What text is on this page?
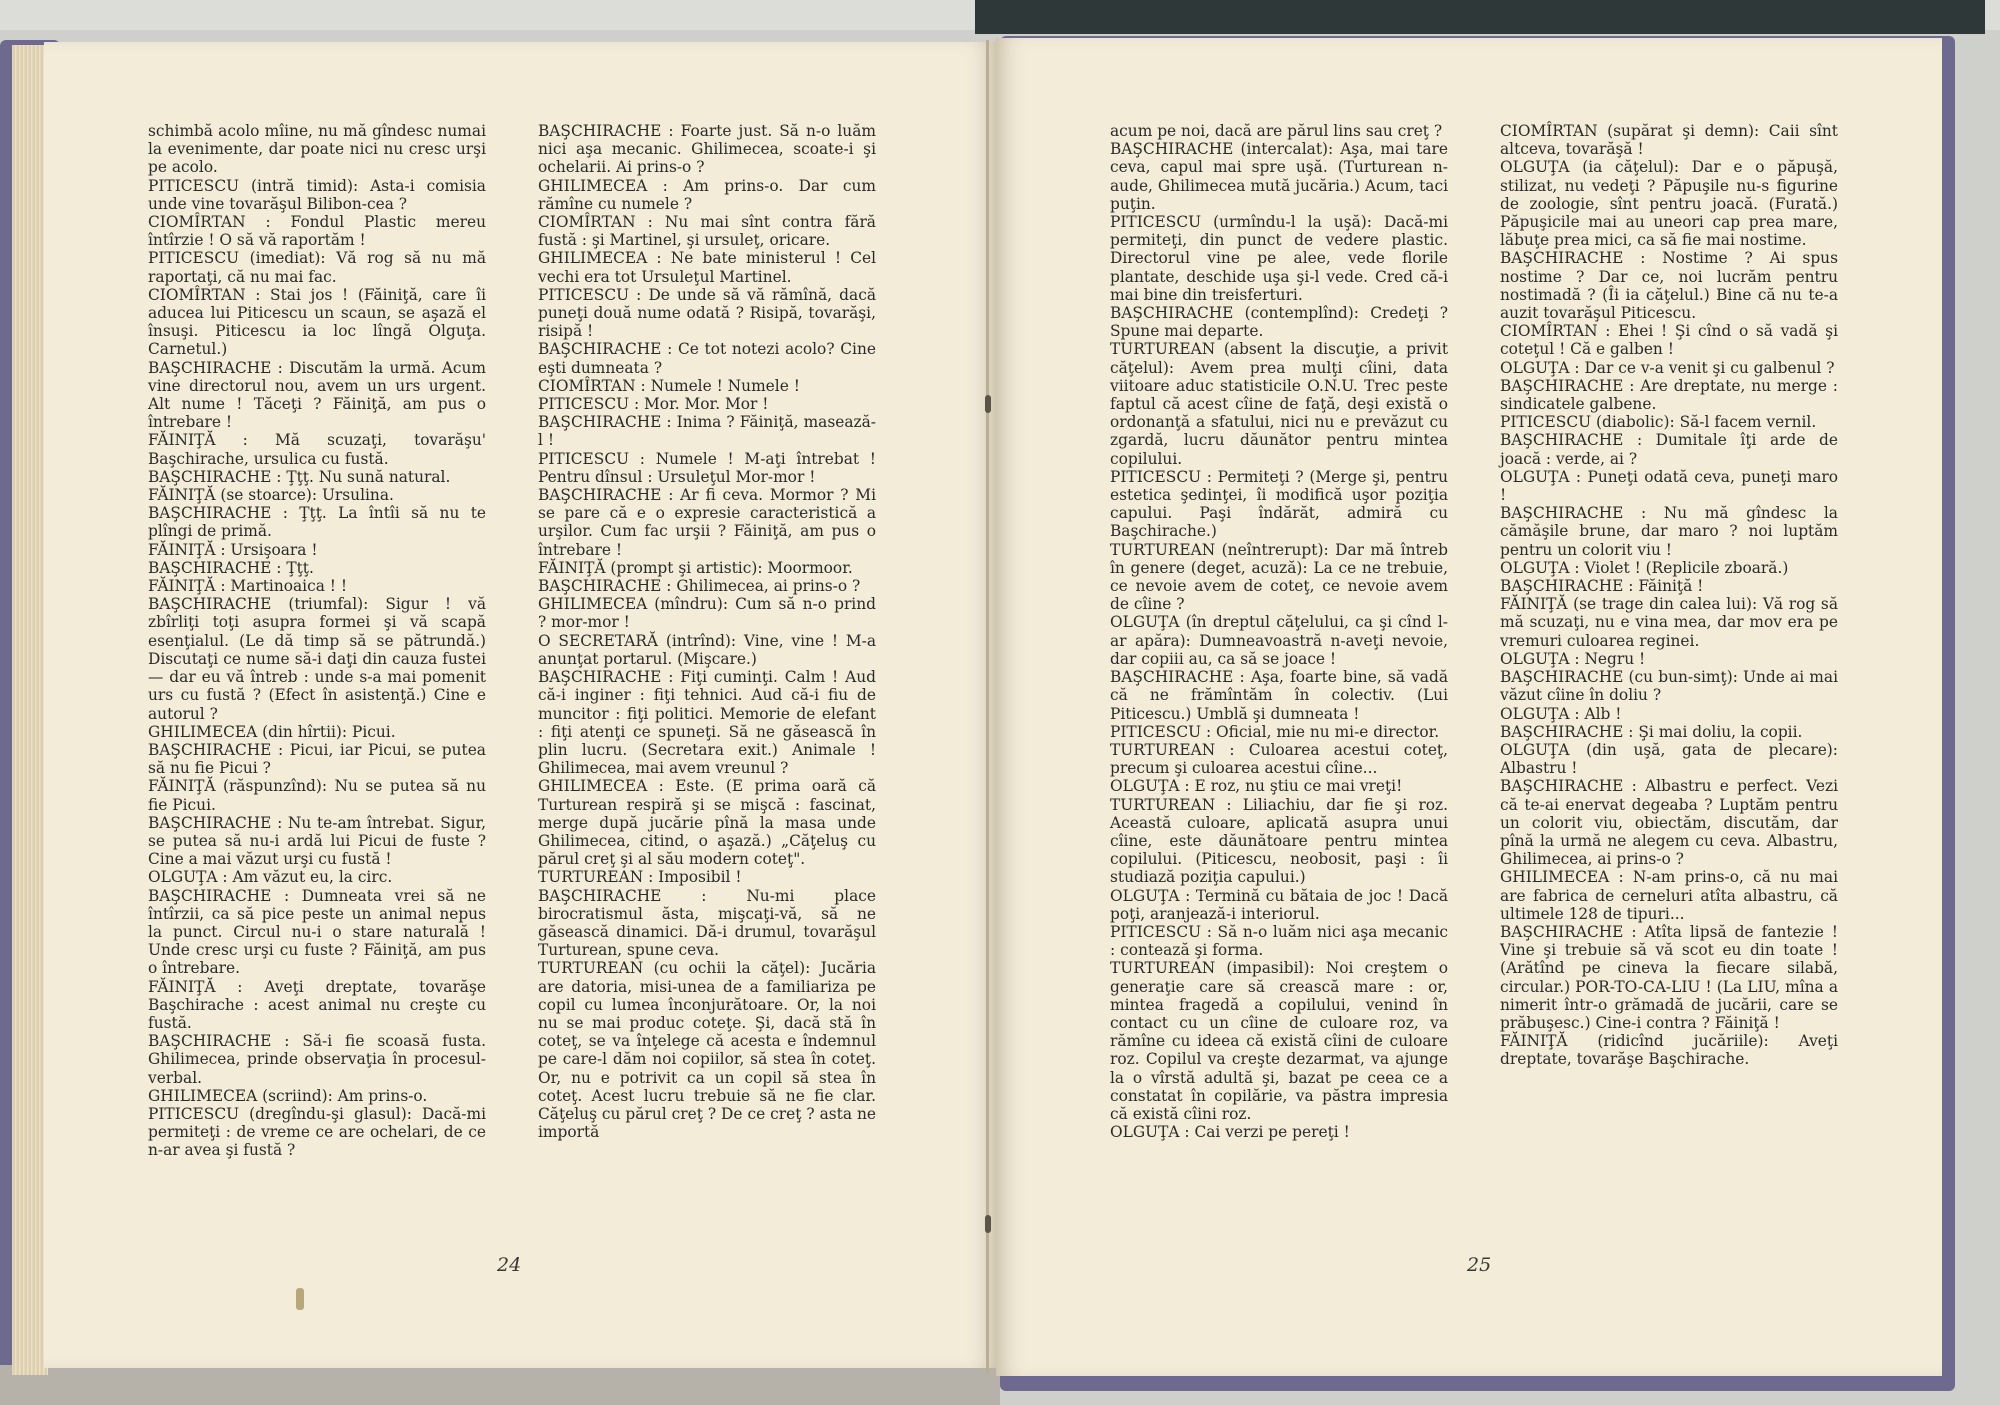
schimbă acolo mîine, nu mă gîndesc numai la evenimente, dar poate nici nu cresc urşi pe acolo.

PITICESCU (intră timid): Asta-i comisia unde vine tovarăşul Bilibon-cea ?

CIOMÎRTAN : Fondul Plastic mereu întîrzie ! O să vă raportăm !

PITICESCU (imediat): Vă rog să nu mă raportaţi, că nu mai fac.

CIOMÎRTAN : Stai jos ! (Făiniţă, care îi aducea lui Piticescu un scaun, se aşază el însuşi. Piticescu ia loc lîngă Olguţa. Carnetul.)

BAŞCHIRACHE : Discutăm la urmă. Acum vine directorul nou, avem un urs urgent. Alt nume ! Tăceţi ? Făiniţă, am pus o întrebare !

FĂINIŢĂ : Mă scuzaţi, tovarăşu' Başchirache, ursulica cu fustă.

BAŞCHIRACHE : Ţţţ. Nu sună natural.

FĂINIŢĂ (se stoarce): Ursulina.

BAŞCHIRACHE : Ţţţ. La întîi să nu te plîngi de primă.

FĂINIŢĂ : Ursişoara !

BAŞCHIRACHE : Ţţţ.

FĂINIŢĂ : Martinoaica ! !

BAŞCHIRACHE (triumfal): Sigur ! vă zbîrliţi toţi asupra formei şi vă scapă esenţialul. (Le dă timp să se pătrundă.) Discutaţi ce nume să-i daţi din cauza fustei — dar eu vă întreb : unde s-a mai pomenit urs cu fustă ? (Efect în asistenţă.) Cine e autorul ?

GHILIMECEA (din hîrtii): Picui.

BAŞCHIRACHE : Picui, iar Picui, se putea să nu fie Picui ?

FĂINIŢĂ (răspunzînd): Nu se putea să nu fie Picui.

BAŞCHIRACHE : Nu te-am întrebat. Sigur, se putea să nu-i ardă lui Picui de fuste ? Cine a mai văzut urşi cu fustă !

OLGUŢA : Am văzut eu, la circ.

BAŞCHIRACHE : Dumneata vrei să ne întîrzii, ca să pice peste un animal nepus la punct. Circul nu-i o stare naturală ! Unde cresc urşi cu fuste ? Făiniţă, am pus o întrebare.

FĂINIŢĂ : Aveţi dreptate, tovarăşe Başchirache : acest animal nu creşte cu fustă.

BAŞCHIRACHE : Să-i fie scoasă fusta. Ghilimecea, prinde observaţia în procesul-verbal.

GHILIMECEA (scriind): Am prins-o.

PITICESCU (dregîndu-şi glasul): Dacă-mi permiteţi : de vreme ce are ochelari, de ce n-ar avea şi fustă ?

BAŞCHIRACHE : Foarte just. Să n-o luăm nici aşa mecanic. Ghilimecea, scoate-i şi ochelarii. Ai prins-o ?

GHILIMECEA : Am prins-o. Dar cum rămîne cu numele ?

CIOMÎRTAN : Nu mai sînt contra fără fustă : şi Martinel, şi ursuleţ, oricare.

GHILIMECEA : Ne bate ministerul ! Cel vechi era tot Ursuleţul Martinel.

PITICESCU : De unde să vă rămînă, dacă puneţi două nume odată ? Risipă, tovarăşi, risipă !

BAŞCHIRACHE : Ce tot notezi acolo? Cine eşti dumneata ?

CIOMÎRTAN : Numele ! Numele !

PITICESCU : Mor. Mor. Mor !

BAŞCHIRACHE : Inima ? Făiniţă, masează-l !

PITICESCU : Numele ! M-aţi întrebat ! Pentru dînsul : Ursuleţul Mor-mor !

BAŞCHIRACHE : Ar fi ceva. Mormor ? Mi se pare că e o expresie caracteristică a urşilor. Cum fac urşii ? Făiniţă, am pus o întrebare !

FĂINIŢĂ (prompt şi artistic): Moormoor.

BAŞCHIRACHE : Ghilimecea, ai prins-o ?

GHILIMECEA (mîndru): Cum să n-o prind ? mor-mor !

O SECRETARĂ (intrînd): Vine, vine ! M-a anunţat portarul. (Mişcare.)

BAŞCHIRACHE : Fiţi cuminţi. Calm ! Aud că-i inginer : fiţi tehnici. Aud că-i fiu de muncitor : fiţi politici. Memorie de elefant : fiţi atenţi ce spuneţi. Să ne găsească în plin lucru. (Secretara exit.) Animale ! Ghilimecea, mai avem vreunul ?

GHILIMECEA : Este. (E prima oară că Turturean respiră şi se mişcă : fascinat, merge după jucărie pînă la masa unde Ghilimecea, citind, o aşază.) „Căţeluş cu părul creţ şi al său modern coteţ".

TURTUREAN : Imposibil !

BAŞCHIRACHE : Nu-mi place birocratismul ăsta, mişcaţi-vă, să ne găsească dinamici. Dă-i drumul, tovarăşul Turturean, spune ceva.

TURTUREAN (cu ochii la căţel): Jucăria are datoria, misi-unea de a familiariza pe copil cu lumea înconjurătoare. Or, la noi nu se mai produc coteţe. Şi, dacă stă în coteţ, se va înţelege că acesta e îndemnul pe care-l dăm noi copiilor, să stea în coteţ. Or, nu e potrivit ca un copil să stea în coteţ. Acest lucru trebuie să ne fie clar. Căţeluş cu părul creţ ? De ce creţ ? asta ne importă

acum pe noi, dacă are părul lins sau creţ ?

BAŞCHIRACHE (intercalat): Aşa, mai tare ceva, capul mai spre uşă. (Turturean n-aude, Ghilimecea mută jucăria.) Acum, taci puţin.

PITICESCU (urmîndu-l la uşă): Dacă-mi permiteţi, din punct de vedere plastic. Directorul vine pe alee, vede florile plantate, deschide uşa şi-l vede. Cred că-i mai bine din treisferturi.

BAŞCHIRACHE (contemplînd): Credeţi ? Spune mai departe.

TURTUREAN (absent la discuţie, a privit căţelul): Avem prea mulţi cîini, data viitoare aduc statisticile O.N.U. Trec peste faptul că acest cîine de faţă, deşi există o ordonanţă a sfatului, nici nu e prevăzut cu zgardă, lucru dăunător pentru mintea copilului.

PITICESCU : Permiteţi ? (Merge şi, pentru estetica şedinţei, îi modifică uşor poziţia capului. Paşi îndărăt, admiră cu Başchirache.)

TURTUREAN (neîntrerupt): Dar mă întreb în genere (deget, acuză): La ce ne trebuie, ce nevoie avem de coteţ, ce nevoie avem de cîine ?

OLGUŢA (în dreptul căţelului, ca şi cînd l-ar apăra): Dumneavoastră n-aveţi nevoie, dar copiii au, ca să se joace !

BAŞCHIRACHE : Aşa, foarte bine, să vadă că ne frămîntăm în colectiv. (Lui Piticescu.) Umblă şi dumneata !

PITICESCU : Oficial, mie nu mi-e director.

TURTUREAN : Culoarea acestui coteţ, precum şi culoarea acestui cîine...

OLGUŢA : E roz, nu ştiu ce mai vreţi!

TURTUREAN : Liliachiu, dar fie şi roz. Această culoare, aplicată asupra unui cîine, este dăunătoare pentru mintea copilului. (Piticescu, neobosit, paşi : îi studiază poziţia capului.)

OLGUŢA : Termină cu bătaia de joc ! Dacă poţi, aranjează-i interiorul.

PITICESCU : Să n-o luăm nici aşa mecanic : contează şi forma.

TURTUREAN (impasibil): Noi creştem o generaţie care să crească mare : or, mintea fragedă a copilului, venind în contact cu un cîine de culoare roz, va rămîne cu ideea că există cîini de culoare roz. Copilul va creşte dezarmat, va ajunge la o vîrstă adultă şi, bazat pe ceea ce a constatat în copilărie, va păstra impresia că există cîini roz.

OLGUŢA : Cai verzi pe pereţi !

CIOMÎRTAN (supărat şi demn): Caii sînt altceva, tovarăşă !

OLGUŢA (ia căţelul): Dar e o păpuşă, stilizat, nu vedeţi ? Păpuşile nu-s figurine de zoologie, sînt pentru joacă. (Furată.) Păpuşicile mai au uneori cap prea mare, lăbuţe prea mici, ca să fie mai nostime.

BAŞCHIRACHE : Nostime ? Ai spus nostime ? Dar ce, noi lucrăm pentru nostimadă ? (Îi ia căţelul.) Bine că nu te-a auzit tovarăşul Piticescu.

CIOMÎRTAN : Ehei ! Şi cînd o să vadă şi coteţul ! Că e galben !

OLGUŢA : Dar ce v-a venit şi cu galbenul ?

BAŞCHIRACHE : Are dreptate, nu merge : sindicatele galbene.

PITICESCU (diabolic): Să-l facem vernil.

BAŞCHIRACHE : Dumitale îţi arde de joacă : verde, ai ?

OLGUŢA : Puneţi odată ceva, puneţi maro !

BAŞCHIRACHE : Nu mă gîndesc la cămăşile brune, dar maro ? noi luptăm pentru un colorit viu !

OLGUŢA : Violet ! (Replicile zboară.)

BAŞCHIRACHE : Făiniţă !

FĂINIŢĂ (se trage din calea lui): Vă rog să mă scuzaţi, nu e vina mea, dar mov era pe vremuri culoarea reginei.

OLGUŢA : Negru !

BAŞCHIRACHE (cu bun-simţ): Unde ai mai văzut cîine în doliu ?

OLGUŢA : Alb !

BAŞCHIRACHE : Şi mai doliu, la copii.

OLGUŢA (din uşă, gata de plecare): Albastru !

BAŞCHIRACHE : Albastru e perfect. Vezi că te-ai enervat degeaba ? Luptăm pentru un colorit viu, obiectăm, discutăm, dar pînă la urmă ne alegem cu ceva. Albastru, Ghilimecea, ai prins-o ?

GHILIMECEA : N-am prins-o, că nu mai are fabrica de cerneluri atîta albastru, că ultimele 128 de tipuri...

BAŞCHIRACHE : Atîta lipsă de fantezie ! Vine şi trebuie să vă scot eu din toate ! (Arătînd pe cineva la fiecare silabă, circular.) POR-TO-CA-LIU ! (La LIU, mîna a nimerit într-o grămadă de jucării, care se prăbuşesc.) Cine-i contra ? Făiniţă !

FĂINIŢĂ (ridicînd jucăriile): Aveţi dreptate, tovarăşe Başchirache.

24	25
